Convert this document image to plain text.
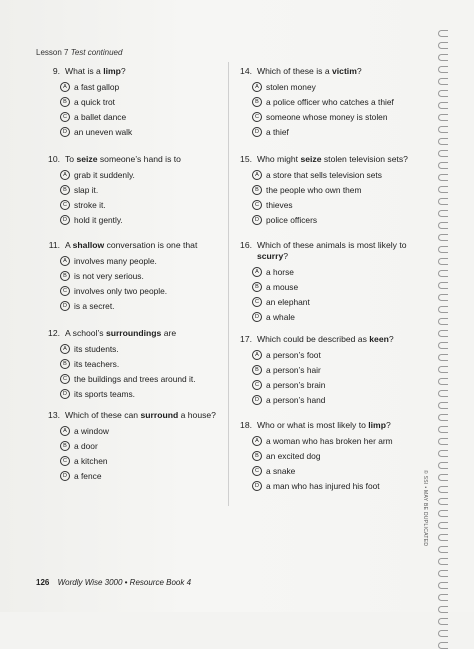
Lesson 7 Test continued
9. What is a limp?
A a fast gallop
B a quick trot
C a ballet dance
D an uneven walk
10. To seize someone’s hand is to
A grab it suddenly.
B slap it.
C stroke it.
D hold it gently.
11. A shallow conversation is one that
A involves many people.
B is not very serious.
C involves only two people.
D is a secret.
12. A school’s surroundings are
A its students.
B its teachers.
C the buildings and trees around it.
D its sports teams.
13. Which of these can surround a house?
A a window
B a door
C a kitchen
D a fence
14. Which of these is a victim?
A stolen money
B a police officer who catches a thief
C someone whose money is stolen
D a thief
15. Who might seize stolen television sets?
A a store that sells television sets
B the people who own them
C thieves
D police officers
16. Which of these animals is most likely to scurry?
A a horse
B a mouse
C an elephant
D a whale
17. Which could be described as keen?
A a person’s foot
B a person’s hair
C a person’s brain
D a person’s hand
18. Who or what is most likely to limp?
A a woman who has broken her arm
B an excited dog
C a snake
D a man who has injured his foot
126 Wordly Wise 3000 • Resource Book 4
© SSI • MAY BE DUPLICATED
